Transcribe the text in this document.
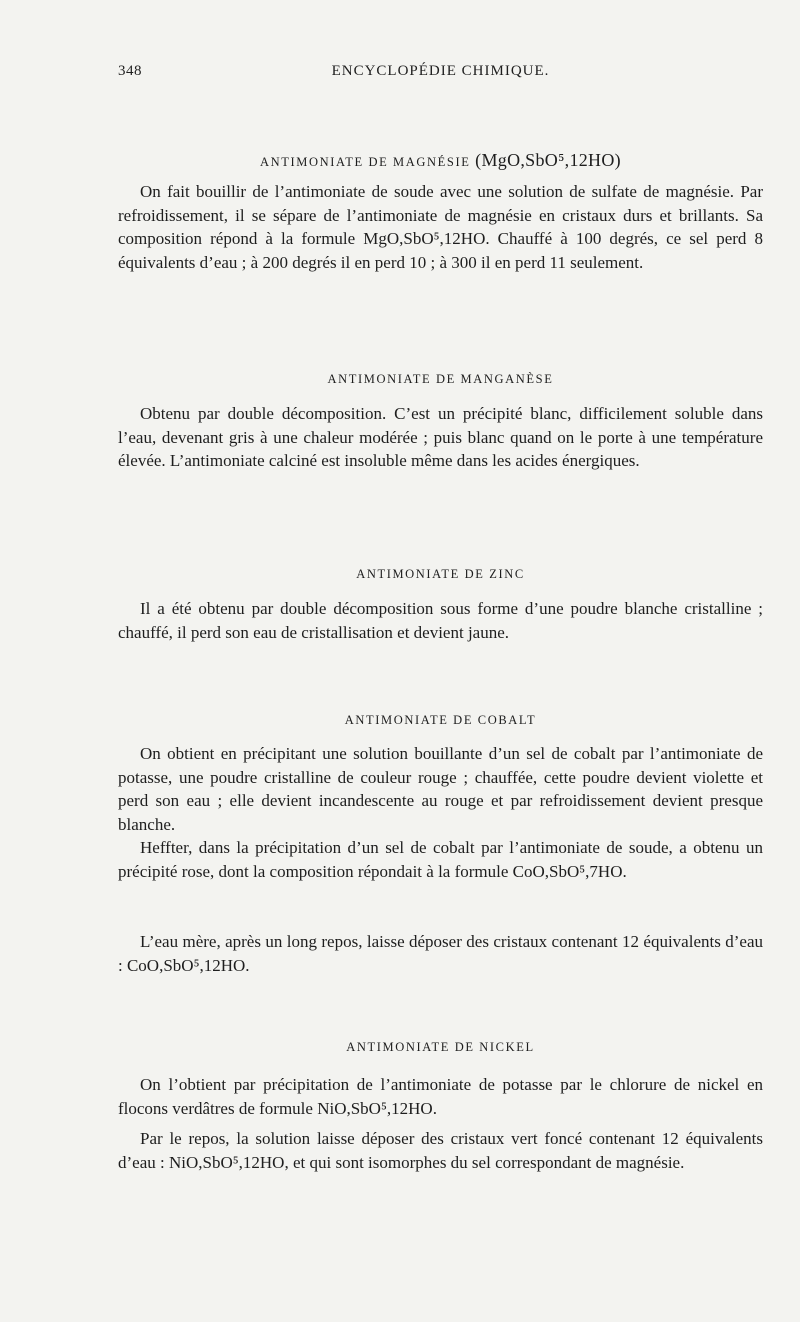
348	ENCYCLOPÉDIE CHIMIQUE.
ANTIMONIATE DE MAGNÉSIE (MgO,SbO⁵,12HO)

On fait bouillir de l’antimoniate de soude avec une solution de sulfate de magnésie. Par refroidissement, il se sépare de l’antimoniate de magnésie en cristaux durs et brillants. Sa composition répond à la formule MgO,SbO⁵,12HO. Chauffé à 100 degrés, ce sel perd 8 équivalents d’eau ; à 200 degrés il en perd 10 ; à 300 il en perd 11 seulement.

ANTIMONIATE DE MANGANÈSE

Obtenu par double décomposition. C’est un précipité blanc, difficilement soluble dans l’eau, devenant gris à une chaleur modérée ; puis blanc quand on le porte à une température élevée. L’antimoniate calciné est insoluble même dans les acides énergiques.

ANTIMONIATE DE ZINC

Il a été obtenu par double décomposition sous forme d’une poudre blanche cristalline ; chauffé, il perd son eau de cristallisation et devient jaune.

ANTIMONIATE DE COBALT

On obtient en précipitant une solution bouillante d’un sel de cobalt par l’antimoniate de potasse, une poudre cristalline de couleur rouge ; chauffée, cette poudre devient violette et perd son eau ; elle devient incandescente au rouge et par refroidissement devient presque blanche.

Heffter, dans la précipitation d’un sel de cobalt par l’antimoniate de soude, a obtenu un précipité rose, dont la composition répondait à la formule CoO,SbO⁵,7HO.

L’eau mère, après un long repos, laisse déposer des cristaux contenant 12 équivalents d’eau : CoO,SbO⁵,12HO.

ANTIMONIATE DE NICKEL

On l’obtient par précipitation de l’antimoniate de potasse par le chlorure de nickel en flocons verdâtres de formule NiO,SbO⁵,12HO.

Par le repos, la solution laisse déposer des cristaux vert foncé contenant 12 équivalents d’eau : NiO,SbO⁵,12HO, et qui sont isomorphes du sel correspondant de magnésie.
